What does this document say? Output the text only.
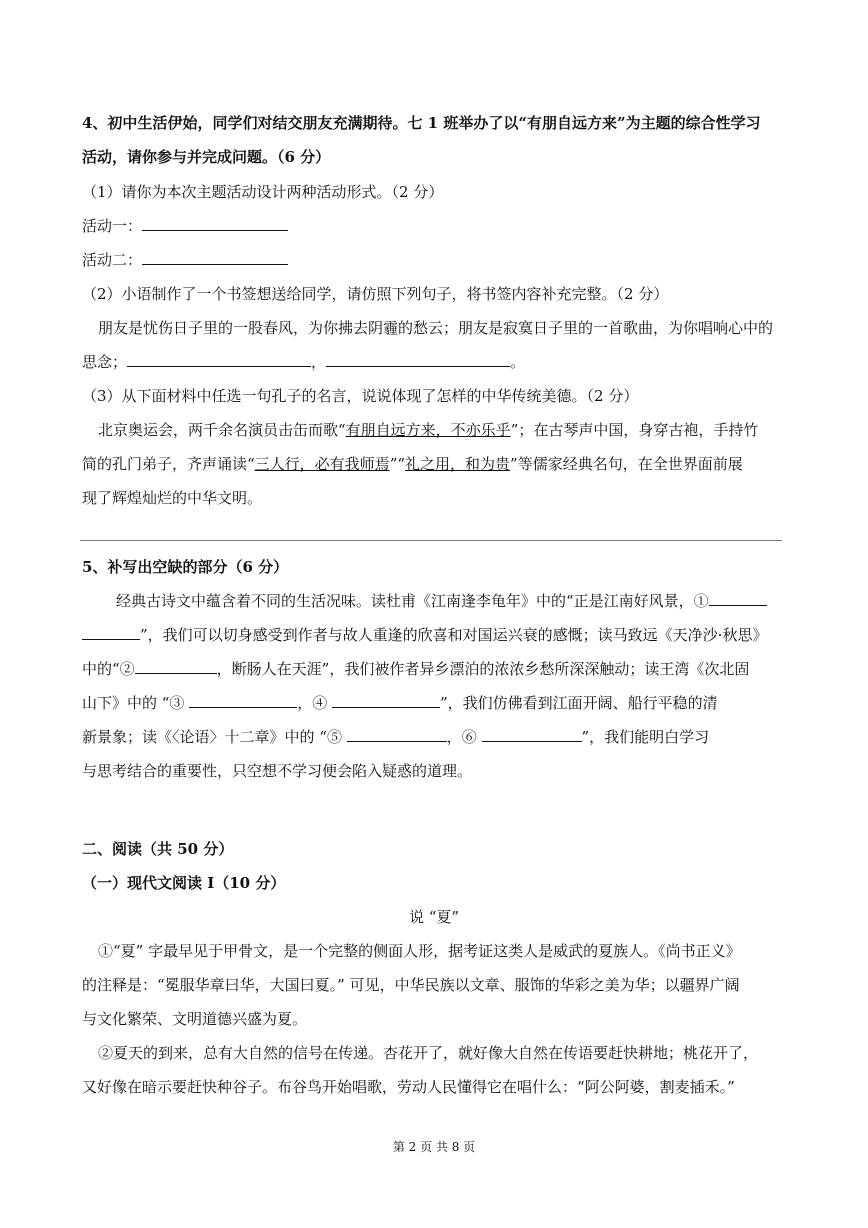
4、初中生活伊始，同学们对结交朋友充满期待。七 1 班举办了以“有朋自远方来”为主题的综合性学习
活动，请你参与并完成问题。（6 分）
（1）请你为本次主题活动设计两种活动形式。（2 分）
活动一：
活动二：
（2）小语制作了一个书签想送给同学，请仿照下列句子，将书签内容补充完整。（2 分）
朋友是忧伤日子里的一股春风，为你拂去阴霾的愁云；朋友是寂寞日子里的一首歌曲，为你唱响心中的
思念；	，	。
（3）从下面材料中任选一句孔子的名言，说说体现了怎样的中华传统美德。（2 分）
北京奥运会，两千余名演员击缶而歌“有朋自远方来，不亦乐乎”；在古琴声中国，身穿古袍，手持竹
简的孔门弟子，齐声诵读“三人行，必有我师焉”“礼之用，和为贵”等儒家经典名句，在全世界面前展
现了辉煌灿烂的中华文明。
5、补写出空缺的部分（6 分）
经典古诗文中蕴含着不同的生活况味。读杜甫《江南逢李龟年》中的“正是江南好风景，①
”，我们可以切身感受到作者与故人重逢的欣喜和对国运兴衰的感慨；读马致远《天净沙·秋思》
中的“②	，断肠人在天涯”，我们被作者异乡漂泊的浓浓乡愁所深深触动；读王湾《次北固
山下》中的 “③	，④	”，我们仿佛看到江面开阔、船行平稳的清
新景象；读《〈论语〉十二章》中的 “⑤	，⑥	”，我们能明白学习
与思考结合的重要性，只空想不学习便会陷入疑惑的道理。
二、阅读（共 50 分）
（一）现代文阅读 I（10 分）
说 “夏”
①“夏” 字最早见于甲骨文，是一个完整的侧面人形，据考证这类人是威武的夏族人。《尚书正义》
的注释是：“冕服华章曰华，大国曰夏。” 可见，中华民族以文章、服饰的华彩之美为华；以疆界广阔
与文化繁荣、文明道德兴盛为夏。
②夏天的到来，总有大自然的信号在传递。杏花开了，就好像大自然在传语要赶快耕地；桃花开了，
又好像在暗示要赶快种谷子。布谷鸟开始唱歌，劳动人民懂得它在唱什么：“阿公阿婆，割麦插禾。”
第 2 页 共 8 页
